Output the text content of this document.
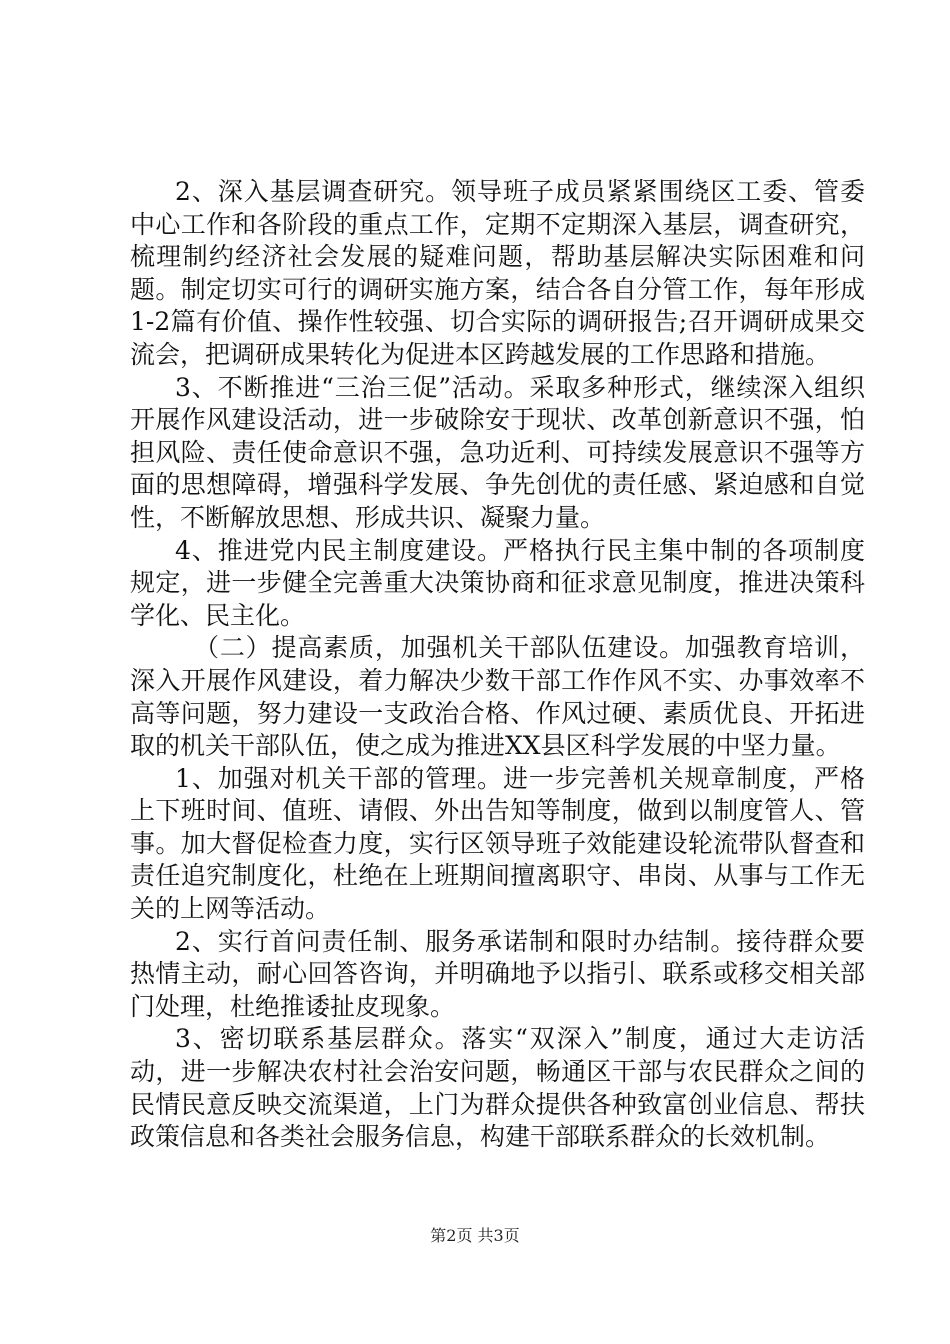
2、深入基层调查研究。领导班子成员紧紧围绕区工委、管委中心工作和各阶段的重点工作，定期不定期深入基层，调查研究，梳理制约经济社会发展的疑难问题，帮助基层解决实际困难和问题。制定切实可行的调研实施方案，结合各自分管工作，每年形成1-2篇有价值、操作性较强、切合实际的调研报告;召开调研成果交流会，把调研成果转化为促进本区跨越发展的工作思路和措施。

3、不断推进“三治三促”活动。采取多种形式，继续深入组织开展作风建设活动，进一步破除安于现状、改革创新意识不强，怕担风险、责任使命意识不强，急功近利、可持续发展意识不强等方面的思想障碍，增强科学发展、争先创优的责任感、紧迫感和自觉性，不断解放思想、形成共识、凝聚力量。

4、推进党内民主制度建设。严格执行民主集中制的各项制度规定，进一步健全完善重大决策协商和征求意见制度，推进决策科学化、民主化。

（二）提高素质，加强机关干部队伍建设。加强教育培训，深入开展作风建设，着力解决少数干部工作作风不实、办事效率不高等问题，努力建设一支政治合格、作风过硬、素质优良、开拓进取的机关干部队伍，使之成为推进XX县区科学发展的中坚力量。

1、加强对机关干部的管理。进一步完善机关规章制度，严格上下班时间、值班、请假、外出告知等制度，做到以制度管人、管事。加大督促检查力度，实行区领导班子效能建设轮流带队督查和责任追究制度化，杜绝在上班期间擅离职守、串岗、从事与工作无关的上网等活动。

2、实行首问责任制、服务承诺制和限时办结制。接待群众要热情主动，耐心回答咨询，并明确地予以指引、联系或移交相关部门处理，杜绝推诿扯皮现象。

3、密切联系基层群众。落实“双深入”制度，通过大走访活动，进一步解决农村社会治安问题，畅通区干部与农民群众之间的民情民意反映交流渠道，上门为群众提供各种致富创业信息、帮扶政策信息和各类社会服务信息，构建干部联系群众的长效机制。

第2页 共3页
